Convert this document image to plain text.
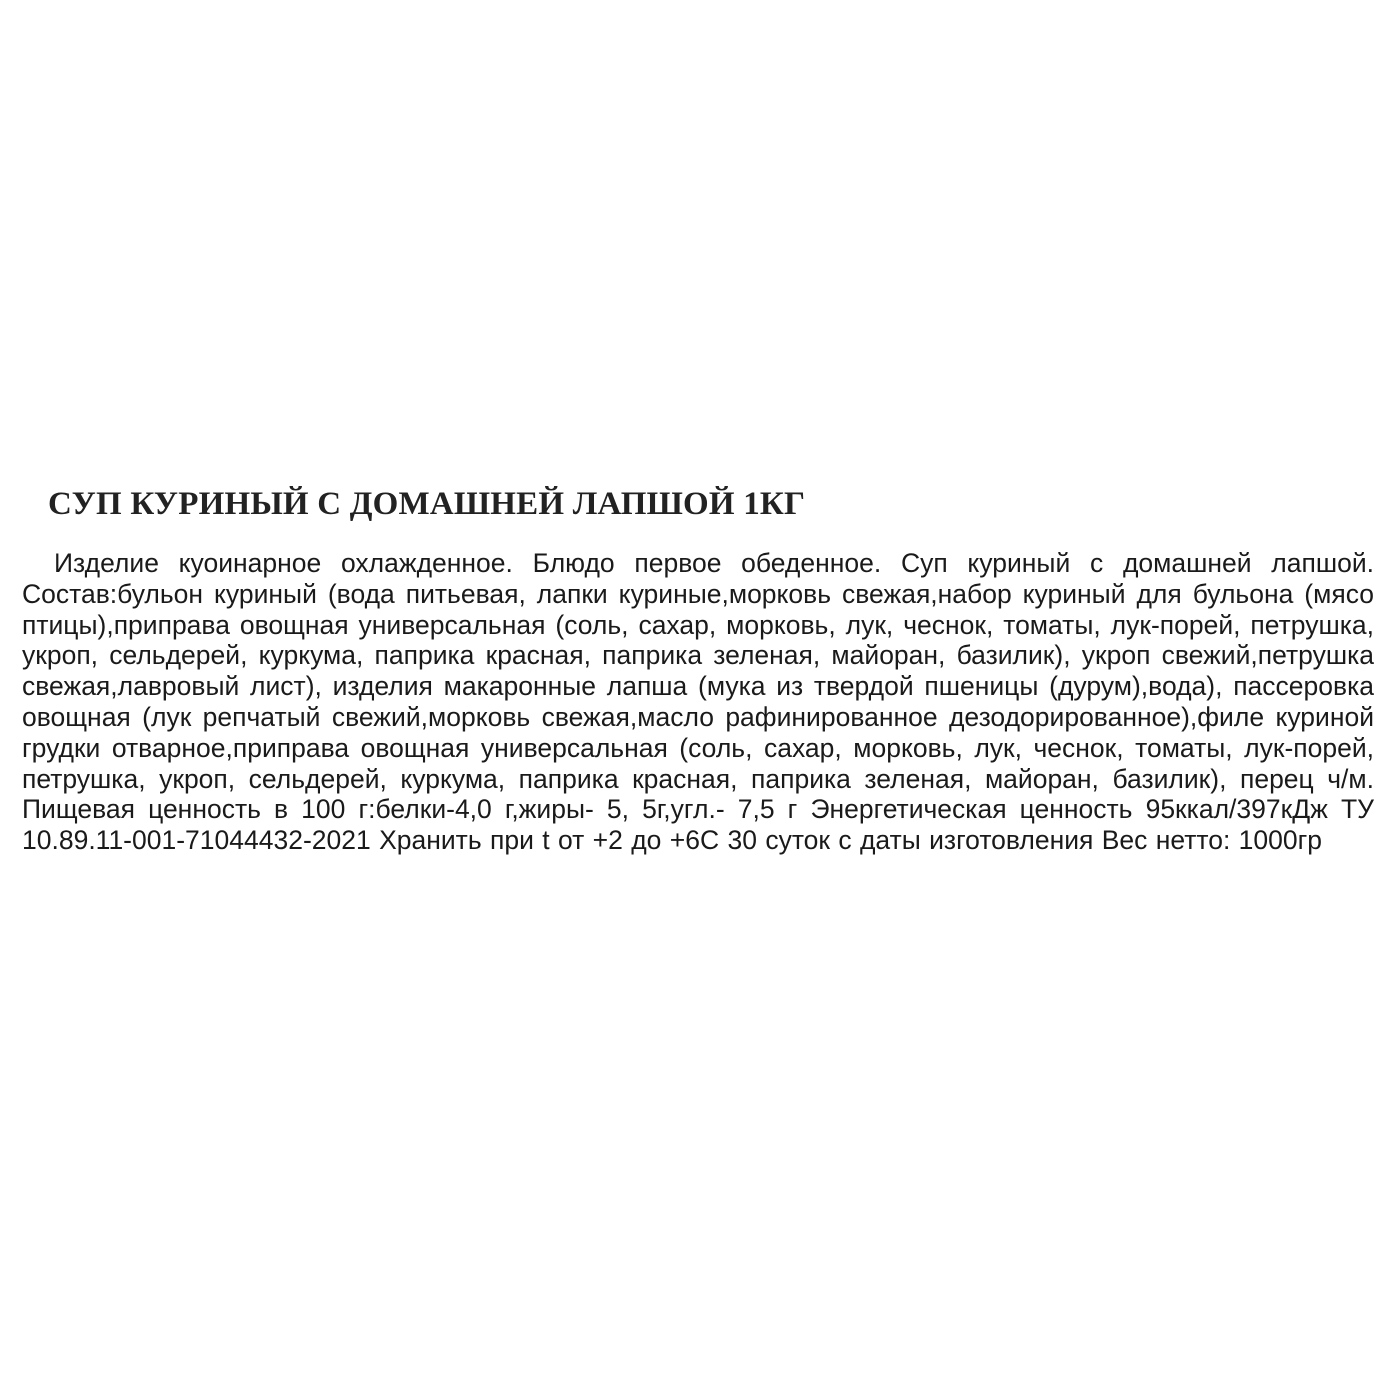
СУП КУРИНЫЙ С ДОМАШНЕЙ ЛАПШОЙ 1КГ

Изделие куоинарное охлажденное. Блюдо первое обеденное. Суп куриный с домашней лапшой. Состав:бульон куриный (вода питьевая, лапки куриные,морковь свежая,набор куриный для бульона (мясо птицы),приправа овощная универсальная (соль, сахар, морковь, лук, чеснок, томаты, лук-порей, петрушка, укроп, сельдерей, куркума, паприка красная, паприка зеленая, майоран, базилик), укроп свежий,петрушка свежая,лавровый лист), изделия макаронные лапша (мука из твердой пшеницы (дурум),вода), пассеровка овощная (лук репчатый свежий,морковь свежая,масло рафинированное дезодорированное),филе куриной грудки отварное,приправа овощная универсальная (соль, сахар, морковь, лук, чеснок, томаты, лук-порей, петрушка, укроп, сельдерей, куркума, паприка красная, паприка зеленая, майоран, базилик), перец ч/м. Пищевая ценность в 100 г:белки-4,0 г,жиры- 5, 5г,угл.- 7,5 г Энергетическая ценность 95ккал/397кДж ТУ 10.89.11-001-71044432-2021 Хранить при t от +2 до +6С 30 суток с даты изготовления Вес нетто: 1000гр
